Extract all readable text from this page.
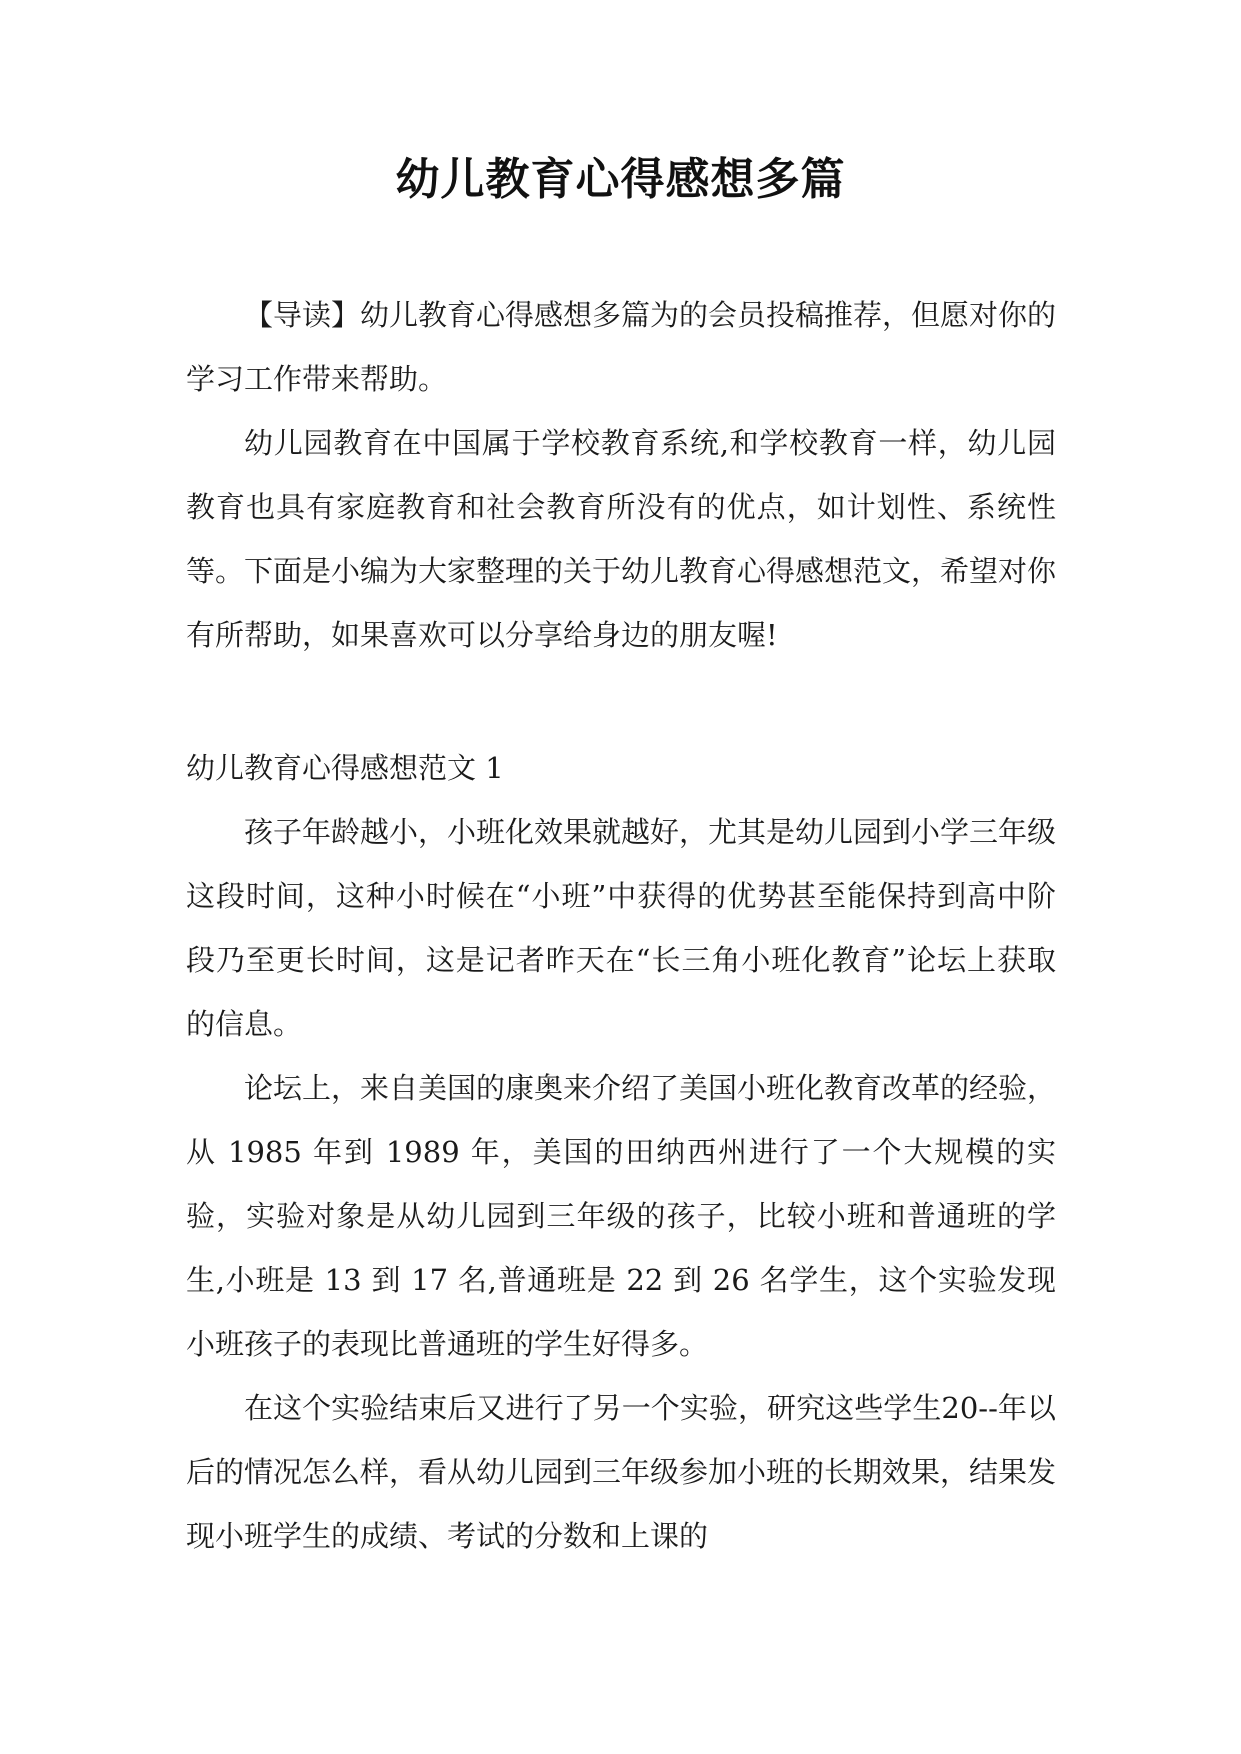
幼儿教育心得感想多篇

【导读】幼儿教育心得感想多篇为的会员投稿推荐，但愿对你的学习工作带来帮助。

幼儿园教育在中国属于学校教育系统,和学校教育一样，幼儿园教育也具有家庭教育和社会教育所没有的优点，如计划性、系统性等。下面是小编为大家整理的关于幼儿教育心得感想范文，希望对你有所帮助，如果喜欢可以分享给身边的朋友喔!

幼儿教育心得感想范文 1

孩子年龄越小，小班化效果就越好，尤其是幼儿园到小学三年级这段时间，这种小时候在“小班”中获得的优势甚至能保持到高中阶段乃至更长时间，这是记者昨天在“长三角小班化教育”论坛上获取的信息。

论坛上，来自美国的康奥来介绍了美国小班化教育改革的经验，从 1985 年到 1989 年，美国的田纳西州进行了一个大规模的实验，实验对象是从幼儿园到三年级的孩子，比较小班和普通班的学生,小班是 13 到 17 名,普通班是 22 到 26 名学生，这个实验发现小班孩子的表现比普通班的学生好得多。

在这个实验结束后又进行了另一个实验，研究这些学生20--年以后的情况怎么样，看从幼儿园到三年级参加小班的长期效果，结果发现小班学生的成绩、考试的分数和上课的
